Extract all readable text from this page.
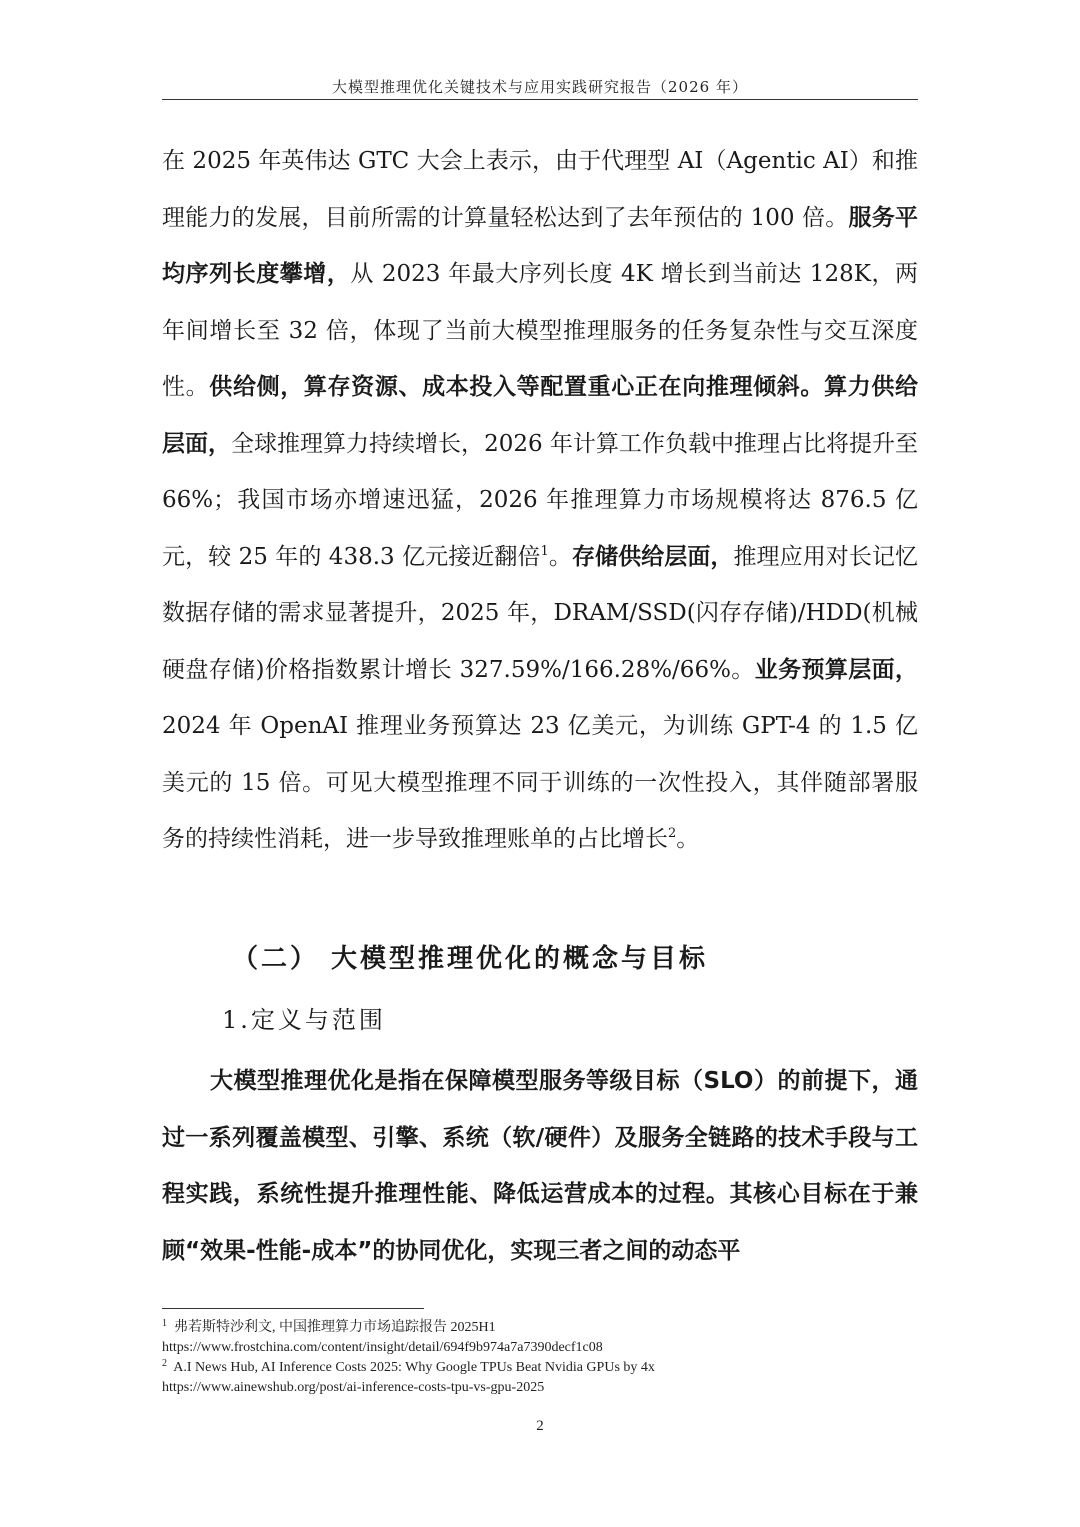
大模型推理优化关键技术与应用实践研究报告（2026 年）

在 2025 年英伟达 GTC 大会上表示，由于代理型 AI（Agentic AI）和推理能力的发展，目前所需的计算量轻松达到了去年预估的 100 倍。服务平均序列长度攀增，从 2023 年最大序列长度 4K 增长到当前达 128K，两年间增长至 32 倍，体现了当前大模型推理服务的任务复杂性与交互深度性。供给侧，算存资源、成本投入等配置重心正在向推理倾斜。算力供给层面，全球推理算力持续增长，2026 年计算工作负载中推理占比将提升至 66%；我国市场亦增速迅猛，2026 年推理算力市场规模将达 876.5 亿元，较 25 年的 438.3 亿元接近翻倍$^1$。存储供给层面，推理应用对长记忆数据存储的需求显著提升，2025 年，DRAM/SSD(闪存存储)/HDD(机械硬盘存储)价格指数累计增长 327.59%/166.28%/66%。业务预算层面，2024 年 OpenAI 推理业务预算达 23 亿美元，为训练 GPT-4 的 1.5 亿美元的 15 倍。可见大模型推理不同于训练的一次性投入，其伴随部署服务的持续性消耗，进一步导致推理账单的占比增长$^2$。

（二） 大模型推理优化的概念与目标
1.定义与范围

大模型推理优化是指在保障模型服务等级目标（SLO）的前提下，通过一系列覆盖模型、引擎、系统（软/硬件）及服务全链路的技术手段与工程实践，系统性提升推理性能、降低运营成本的过程。其核心目标在于兼顾“效果-性能-成本”的协同优化，实现三者之间的动态平

$^1$ 弗若斯特沙利文, 中国推理算力市场追踪报告 2025H1
https://www.frostchina.com/content/insight/detail/694f9b974a7a7390decf1c08
$^2$ A.I News Hub, AI Inference Costs 2025: Why Google TPUs Beat Nvidia GPUs by 4x
https://www.ainewshub.org/post/ai-inference-costs-tpu-vs-gpu-2025
2
